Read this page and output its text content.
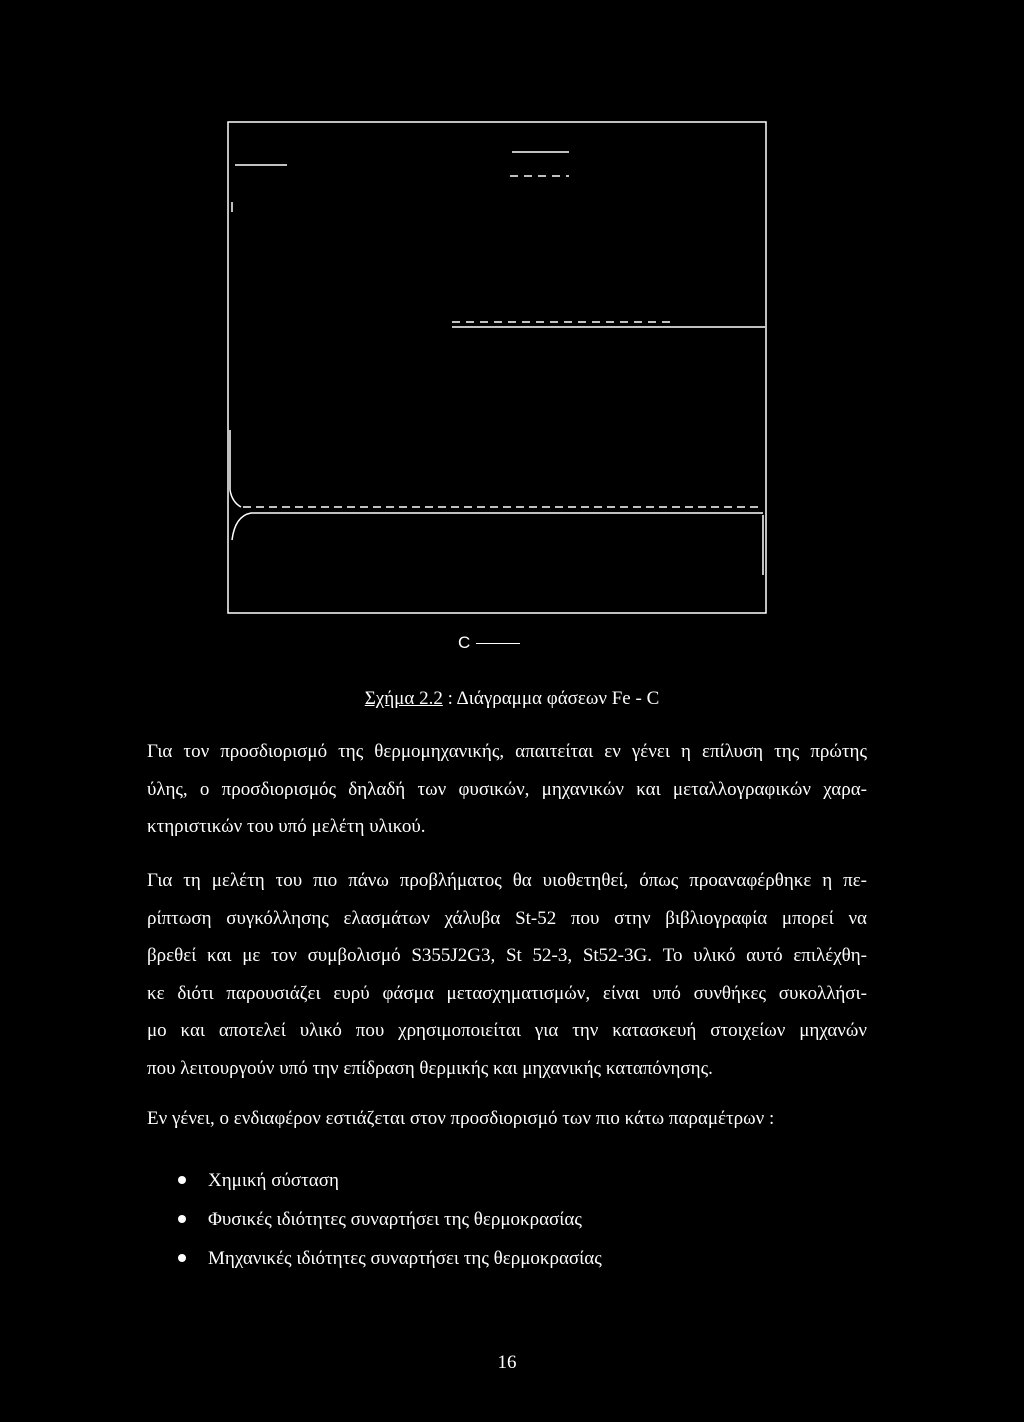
C
Σχήμα 2.2 : Διάγραμμα φάσεων Fe - C
Για τον προσδιορισμό της θερμομηχανικής, απαιτείται εν γένει η επίλυση της πρώτης
ύλης, ο προσδιορισμός δηλαδή των φυσικών, μηχανικών και μεταλλογραφικών χαρα-
κτηριστικών του υπό μελέτη υλικού.
Για τη μελέτη του πιο πάνω προβλήματος θα υιοθετηθεί, όπως προαναφέρθηκε η πε-
ρίπτωση συγκόλλησης ελασμάτων χάλυβα St-52 που στην βιβλιογραφία μπορεί να
βρεθεί και με τον συμβολισμό S355J2G3, St 52-3, St52-3G. Το υλικό αυτό επιλέχθη-
κε διότι παρουσιάζει ευρύ φάσμα μετασχηματισμών, είναι υπό συνθήκες συκολλήσι-
μο και αποτελεί υλικό που χρησιμοποιείται για την κατασκευή στοιχείων μηχανών
που λειτουργούν υπό την επίδραση θερμικής και μηχανικής καταπόνησης.
Εν γένει, ο ενδιαφέρον εστιάζεται στον προσδιορισμό των πιο κάτω παραμέτρων :
Χημική σύσταση
Φυσικές ιδιότητες συναρτήσει της θερμοκρασίας
Μηχανικές ιδιότητες συναρτήσει της θερμοκρασίας
16
